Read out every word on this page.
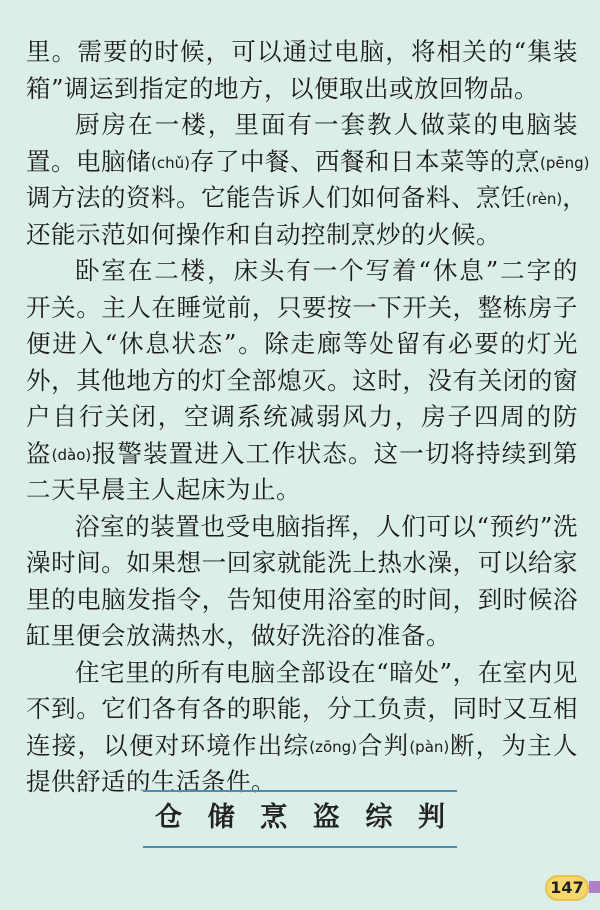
里。需要的时候，可以通过电脑，将相关的“集装
箱”调运到指定的地方，以便取出或放回物品。
厨房在一楼，里面有一套教人做菜的电脑装
置。电脑储(chǔ)存了中餐、西餐和日本菜等的烹(pēng)
调方法的资料。它能告诉人们如何备料、烹饪(rèn)，
还能示范如何操作和自动控制烹炒的火候。
卧室在二楼，床头有一个写着“休息”二字的
开关。主人在睡觉前，只要按一下开关，整栋房子
便进入“休息状态”。除走廊等处留有必要的灯光
外，其他地方的灯全部熄灭。这时，没有关闭的窗
户自行关闭，空调系统减弱风力，房子四周的防
盗(dào)报警装置进入工作状态。这一切将持续到第
二天早晨主人起床为止。
浴室的装置也受电脑指挥，人们可以“预约”洗
澡时间。如果想一回家就能洗上热水澡，可以给家
里的电脑发指令，告知使用浴室的时间，到时候浴
缸里便会放满热水，做好洗浴的准备。
住宅里的所有电脑全部设在“暗处”，在室内见
不到。它们各有各的职能，分工负责，同时又互相
连接，以便对环境作出综(zōng)合判(pàn)断，为主人
提供舒适的生活条件。
仓 储 烹 盗 综 判
147
